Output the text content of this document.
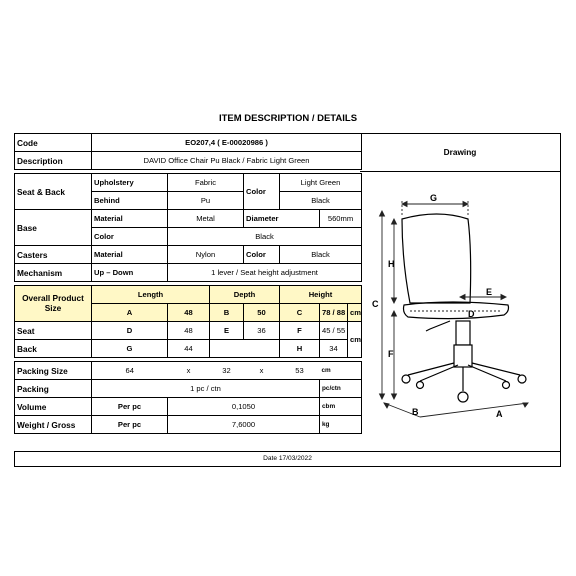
ITEM DESCRIPTION / DETAILS
Code	EO207,4 ( E-00020986 )						
Description	DAVID Office Chair Pu Black / Fabric Light Green						

Seat & Back	Upholstery	Fabric		Color	Light Green		
	Behind	Pu			Black		
Base	Material	Metal		Diameter		560mm	
	Color	Black					
Casters	Material	Nylon		Color	Black		
Mechanism	Up – Down	1 lever / Seat height adjustment					

Overall Product Size	Length		Depth		Height		
	A	48	B	50	C	78 / 88	cm
Seat	D	48	E	36	F	45 / 55	cm
Back	G	44			H	34	

Packing Size	64	x	32	x	53	cm	
Packing	1 pc / ctn					pc/ctn	
Volume	Per pc	0,1050				cbm	
Weight / Gross	Per pc	7,6000				kg	
Drawing
G
H
C
F
E
D
B	A
Date 17/03/2022
